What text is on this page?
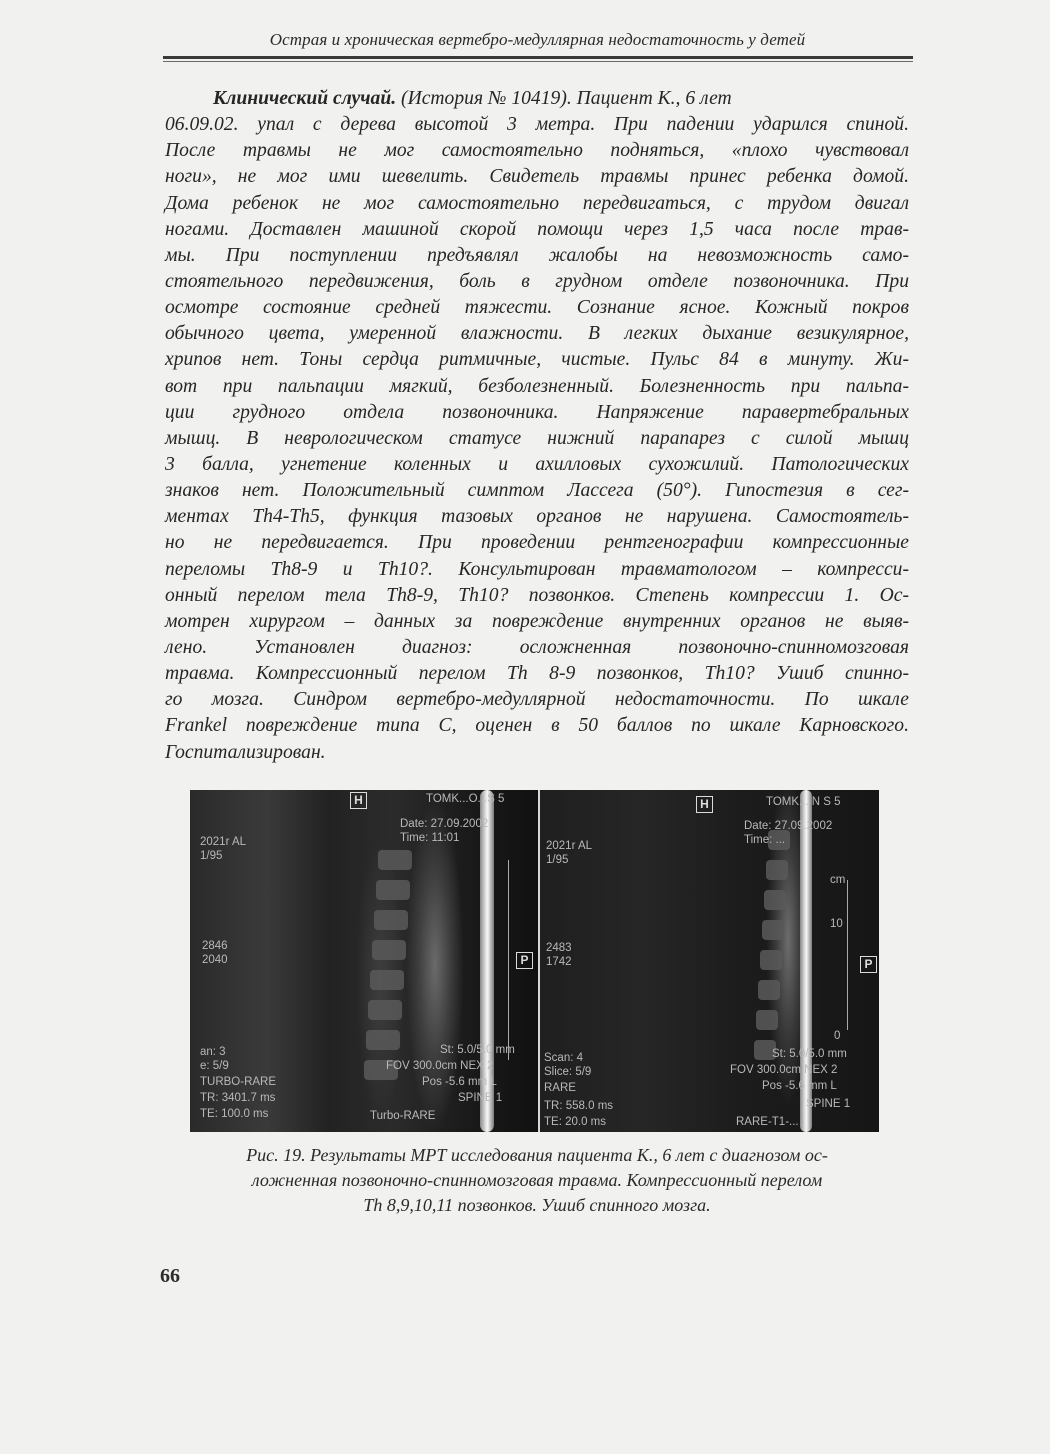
Острая и хроническая вертебро-медуллярная недостаточность у детей
Клинический случай. (История № 10419). Пациент К., 6 лет
06.09.02. упал с дерева высотой 3 метра. При падении ударился спиной.
После травмы не мог самостоятельно подняться, «плохо чувствовал
ноги», не мог ими шевелить. Свидетель травмы принес ребенка домой.
Дома ребенок не мог самостоятельно передвигаться, с трудом двигал
ногами. Доставлен машиной скорой помощи через 1,5 часа после трав-
мы. При поступлении предъявлял жалобы на невозможность само-
стоятельного передвижения, боль в грудном отделе позвоночника. При
осмотре состояние средней тяжести. Сознание ясное. Кожный покров
обычного цвета, умеренной влажности. В легких дыхание везикулярное,
хрипов нет. Тоны сердца ритмичные, чистые. Пульс 84 в минуту. Жи-
вот при пальпации мягкий, безболезненный. Болезненность при пальпа-
ции грудного отдела позвоночника. Напряжение паравертебральных
мышц. В неврологическом статусе нижний парапарез с силой мышц
3 балла, угнетение коленных и ахилловых сухожилий. Патологических
знаков нет. Положительный симптом Лассега (50°). Гипостезия в сег-
ментах Th4-Th5, функция тазовых органов не нарушена. Самостоятель-
но не передвигается. При проведении рентгенографии компрессионные
переломы Th8-9 и Th10?. Консультирован травматологом – компресси-
онный перелом тела Th8-9, Th10? позвонков. Степень компрессии 1. Ос-
мотрен хирургом – данных за повреждение внутренних органов не выяв-
лено. Установлен диагноз: осложненная позвоночно-спинномозговая
травма. Компрессионный перелом Th 8-9 позвонков, Th10? Ушиб спинно-
го мозга. Синдром вертебро-медуллярной недостаточности. По шкале
Frankel повреждение типа С, оценен в 50 баллов по шкале Карновского.
Госпитализирован.
H
P
TOMK...O...S 5
Date: 27.09.2002
Time: 11:01
2021r AL
1/95
2846
2040
an: 3
e: 5/9
TURBO-RARE
TR: 3401.7 ms
TE: 100.0 ms
St: 5.0/5.0 mm
FOV 300.0cm NEX 2
Pos -5.6 mm L
SPINE 1
Turbo-RARE
H
P
TOMK... N S 5
Date: 27.09.2002
Time: ...
2021r AL
1/95
2483
1742
cm
10
0
Scan: 4
Slice: 5/9
RARE
TR: 558.0 ms
TE: 20.0 ms
St: 5.0/5.0 mm
FOV 300.0cm NEX 2
Pos -5.6 mm L
SPINE 1
RARE-T1-...
Рис. 19. Результаты МРТ исследования пациента К., 6 лет с диагнозом ос-
ложненная позвоночно-спинномозговая травма. Компрессионный перелом
Th 8,9,10,11 позвонков. Ушиб спинного мозга.
66
